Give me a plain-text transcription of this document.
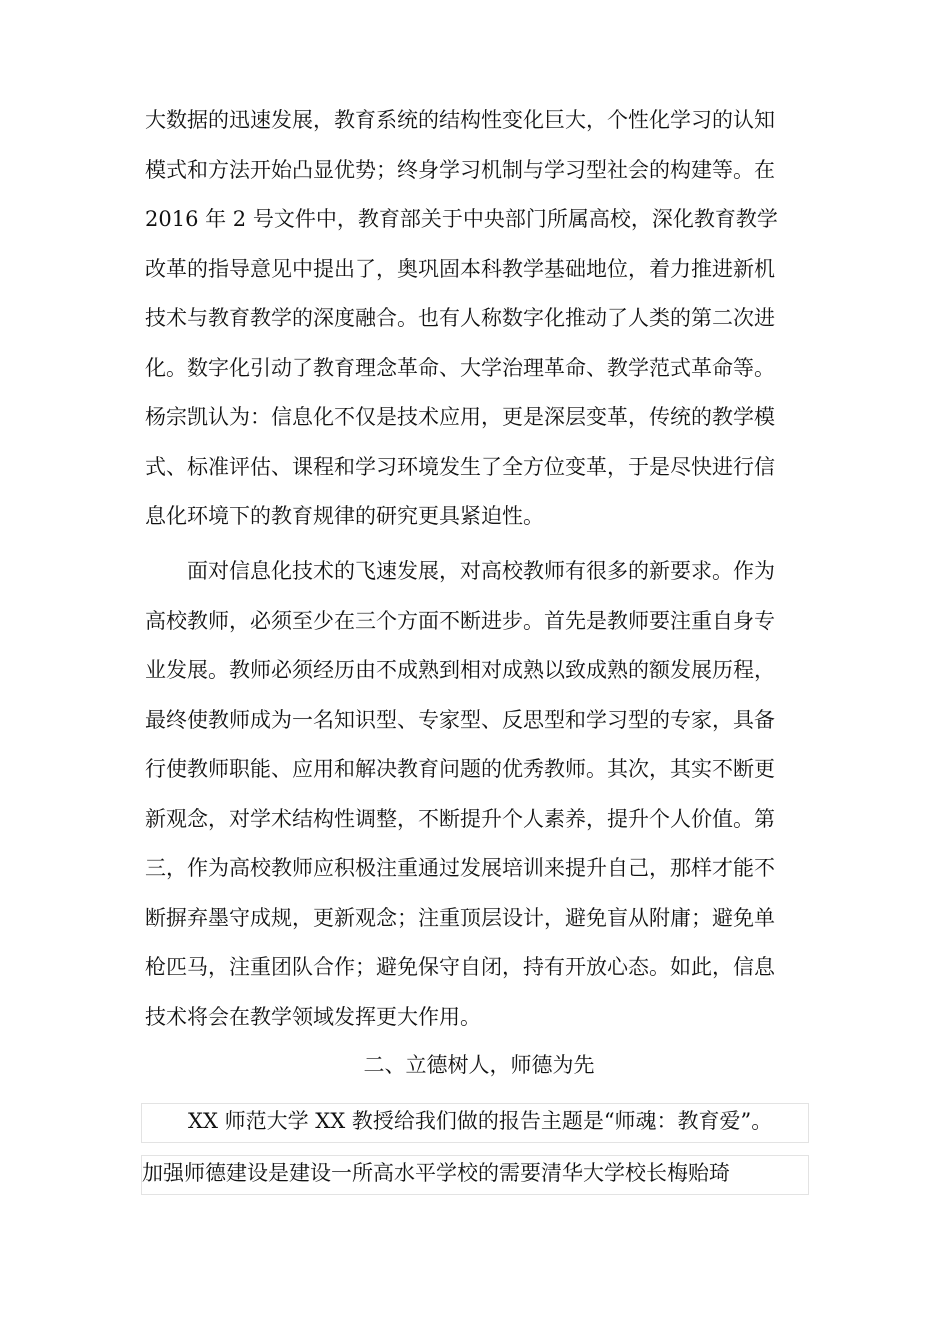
大数据的迅速发展，教育系统的结构性变化巨大，个性化学习的认知
模式和方法开始凸显优势；终身学习机制与学习型社会的构建等。在
2016 年 2 号文件中，教育部关于中央部门所属高校，深化教育教学
改革的指导意见中提出了，奥巩固本科教学基础地位，着力推进新机
技术与教育教学的深度融合。也有人称数字化推动了人类的第二次进
化。数字化引动了教育理念革命、大学治理革命、教学范式革命等。
杨宗凯认为：信息化不仅是技术应用，更是深层变革，传统的教学模
式、标准评估、课程和学习环境发生了全方位变革，于是尽快进行信
息化环境下的教育规律的研究更具紧迫性。
　　面对信息化技术的飞速发展，对高校教师有很多的新要求。作为
高校教师，必须至少在三个方面不断进步。首先是教师要注重自身专
业发展。教师必须经历由不成熟到相对成熟以致成熟的额发展历程，
最终使教师成为一名知识型、专家型、反思型和学习型的专家，具备
行使教师职能、应用和解决教育问题的优秀教师。其次，其实不断更
新观念，对学术结构性调整，不断提升个人素养，提升个人价值。第
三，作为高校教师应积极注重通过发展培训来提升自己，那样才能不
断摒弃墨守成规，更新观念；注重顶层设计，避免盲从附庸；避免单
枪匹马，注重团队合作；避免保守自闭，持有开放心态。如此，信息
技术将会在教学领域发挥更大作用。
二、立德树人，师德为先
XX 师范大学 XX 教授给我们做的报告主题是“师魂：教育爱”。
加强师德建设是建设一所高水平学校的需要清华大学校长梅贻琦
